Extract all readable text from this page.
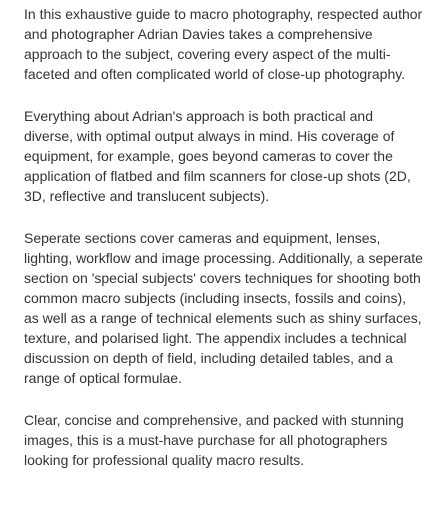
In this exhaustive guide to macro photography, respected author and photographer Adrian Davies takes a comprehensive approach to the subject, covering every aspect of the multi-faceted and often complicated world of close-up photography.

Everything about Adrian's approach is both practical and diverse, with optimal output always in mind. His coverage of equipment, for example, goes beyond cameras to cover the application of flatbed and film scanners for close-up shots (2D, 3D, reflective and translucent subjects).

Seperate sections cover cameras and equipment, lenses, lighting, workflow and image processing. Additionally, a seperate section on 'special subjects' covers techniques for shooting both common macro subjects (including insects, fossils and coins), as well as a range of technical elements such as shiny surfaces, texture, and polarised light. The appendix includes a technical discussion on depth of field, including detailed tables, and a range of optical formulae.

Clear, concise and comprehensive, and packed with stunning images, this is a must-have purchase for all photographers looking for professional quality macro results.
